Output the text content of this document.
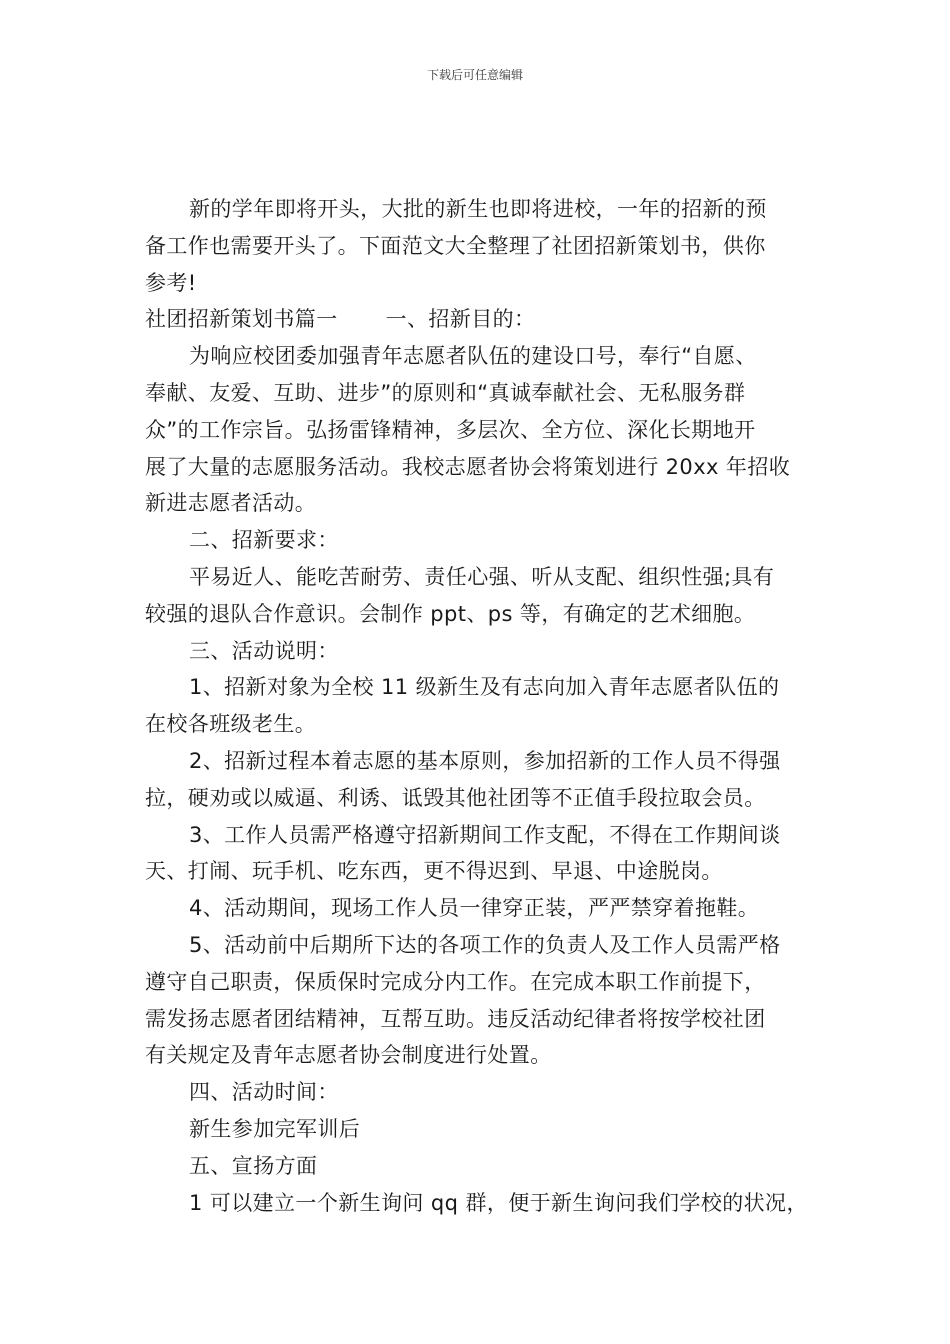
下载后可任意编辑

新的学年即将开头，大批的新生也即将进校，一年的招新的预

备工作也需要开头了。下面范文大全整理了社团招新策划书，供你

参考!

社团招新策划书篇一 一、招新目的：

为响应校团委加强青年志愿者队伍的建设口号，奉行“自愿、

奉献、友爱、互助、进步”的原则和“真诚奉献社会、无私服务群

众”的工作宗旨。弘扬雷锋精神，多层次、全方位、深化长期地开

展了大量的志愿服务活动。我校志愿者协会将策划进行 20xx 年招收

新进志愿者活动。

二、招新要求：

平易近人、能吃苦耐劳、责任心强、听从支配、组织性强;具有

较强的退队合作意识。会制作 ppt、ps 等，有确定的艺术细胞。

三、活动说明：

1、招新对象为全校 11 级新生及有志向加入青年志愿者队伍的

在校各班级老生。

2、招新过程本着志愿的基本原则，参加招新的工作人员不得强

拉，硬劝或以威逼、利诱、诋毁其他社团等不正值手段拉取会员。

3、工作人员需严格遵守招新期间工作支配，不得在工作期间谈

天、打闹、玩手机、吃东西，更不得迟到、早退、中途脱岗。

4、活动期间，现场工作人员一律穿正装，严严禁穿着拖鞋。

5、活动前中后期所下达的各项工作的负责人及工作人员需严格

遵守自己职责，保质保时完成分内工作。在完成本职工作前提下，

需发扬志愿者团结精神，互帮互助。违反活动纪律者将按学校社团

有关规定及青年志愿者协会制度进行处置。

四、活动时间：

新生参加完军训后

五、宣扬方面

1 可以建立一个新生询问 qq 群，便于新生询问我们学校的状况，
